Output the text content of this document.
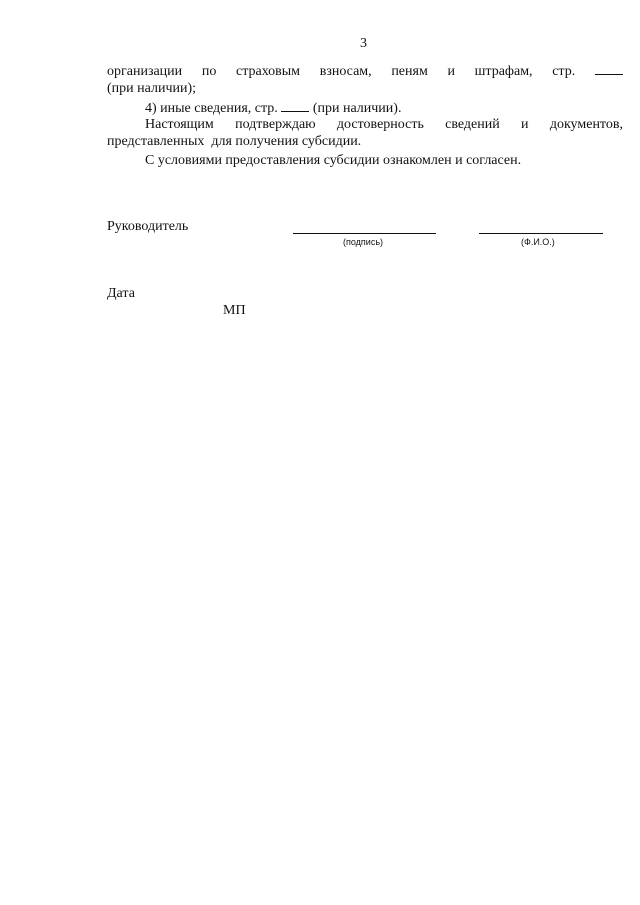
3
организации по страховым взносам, пеням и штрафам, стр.
(при наличии);
4) иные сведения, стр.	(при наличии).
Настоящим подтверждаю достоверность сведений и документов,
представленных  для получения субсидии.
С условиями предоставления субсидии ознакомлен и согласен.
Руководитель
(подпись)	(Ф.И.О.)
Дата
МП
